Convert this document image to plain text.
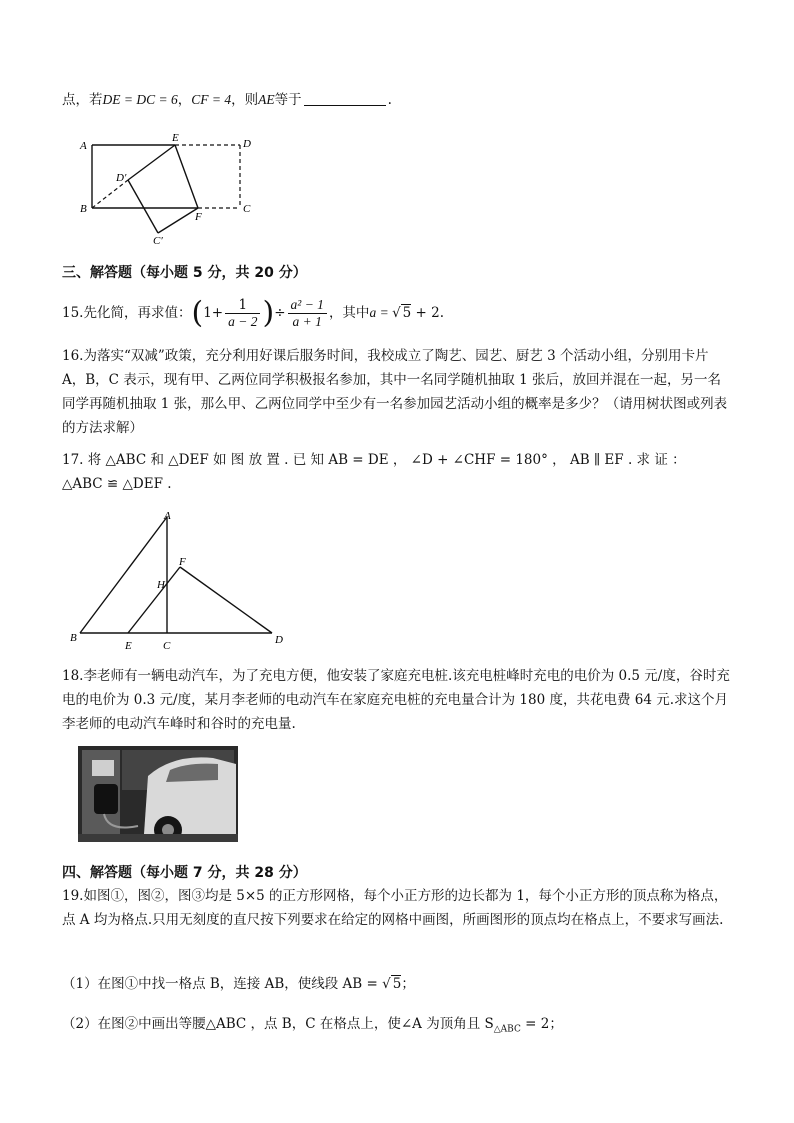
点，若DE = DC = 6，CF = 4，则AE等于	.
A
E	D
D′
B
F
C
C′
三、解答题（每小题 5 分，共 20 分）
15.先化简，再求值：($1+ \frac{1}{a - 2}$ )÷ $\frac{\text{a² − 1}}{a + 1}$ ，其中a = √ 5 + 2.
16.为落实“双减”政策，充分利用好课后服务时间，我校成立了陶艺、园艺、厨艺 3 个活动小组，分别用卡片 A，B，C 表示，现有甲、乙两位同学积极报名参加，其中一名同学随机抽取 1 张后，放回并混在一起，另一名同学再随机抽取 1 张，那么甲、乙两位同学中至少有一名参加园艺活动小组的概率是多少？（请用树状图或列表的方法求解）
17. 将 △ABC 和 △DEF 如 图 放 置 . 已 知 AB = DE ， ∠D + ∠CHF = 180° ， AB ∥ EF . 求 证 ：
△ABC ≌ △DEF .
A
F
H
B
E	C	D
18.李老师有一辆电动汽车，为了充电方便，他安装了家庭充电桩.该充电桩峰时充电的电价为 0.5 元/度，谷时充电的电价为 0.3 元/度，某月李老师的电动汽车在家庭充电桩的充电量合计为 180 度，共花电费 64 元.求这个月李老师的电动汽车峰时和谷时的充电量.
四、解答题（每小题 7 分，共 28 分）
19.如图①，图②，图③均是 5×5 的正方形网格，每个小正方形的边长都为 1，每个小正方形的顶点称为格点，点 A 均为格点.只用无刻度的直尺按下列要求在给定的网格中画图，所画图形的顶点均在格点上，不要求写画法.
（1）在图①中找一格点 B，连接 AB，使线段 AB = √ 5；
（2）在图②中画出等腰△ABC ，点 B，C 在格点上，使∠A 为顶角且 $S_{\triangle ABC} = 2$；
